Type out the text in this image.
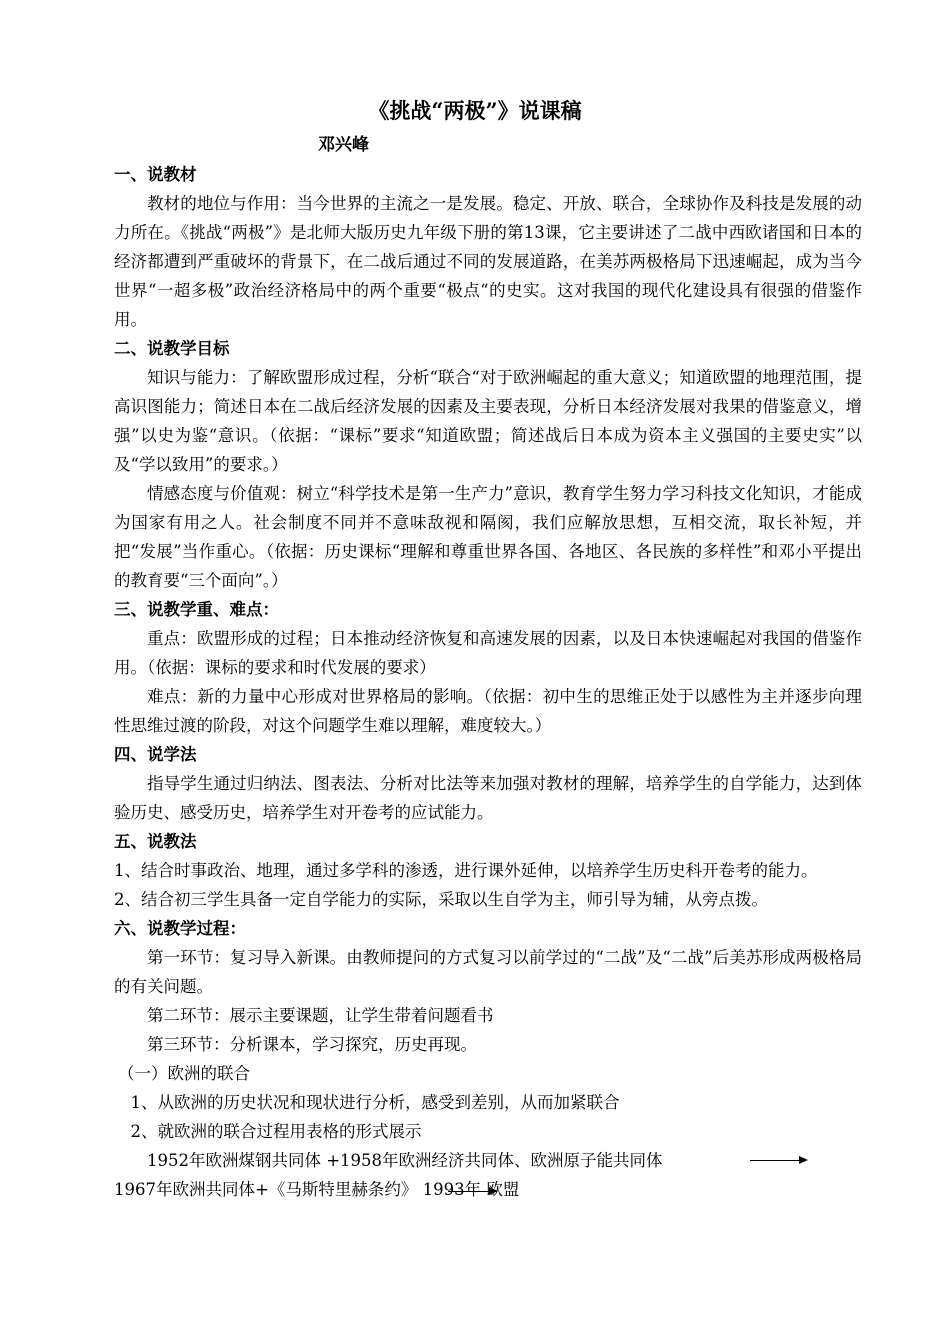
《挑战“两极”》说课稿
邓兴峰

一、说教材

教材的地位与作用：当今世界的主流之一是发展。稳定、开放、联合，全球协作及科技是发展的动力所在。《挑战“两极”》是北师大版历史九年级下册的第13课，它主要讲述了二战中西欧诸国和日本的经济都遭到严重破坏的背景下，在二战后通过不同的发展道路，在美苏两极格局下迅速崛起，成为当今世界“一超多极”政治经济格局中的两个重要“极点“的史实。这对我国的现代化建设具有很强的借鉴作用。

二、说教学目标

知识与能力：了解欧盟形成过程，分析“联合“对于欧洲崛起的重大意义；知道欧盟的地理范围，提高识图能力；简述日本在二战后经济发展的因素及主要表现，分析日本经济发展对我果的借鉴意义，增强”以史为鉴“意识。（依据：“课标”要求“知道欧盟；简述战后日本成为资本主义强国的主要史实”以及“学以致用”的要求。）

情感态度与价值观：树立“科学技术是第一生产力”意识，教育学生努力学习科技文化知识，才能成为国家有用之人。社会制度不同并不意味敌视和隔阂，我们应解放思想，互相交流，取长补短，并把“发展”当作重心。（依据：历史课标“理解和尊重世界各国、各地区、各民族的多样性”和邓小平提出的教育要“三个面向”。）

三、说教学重、难点：

重点：欧盟形成的过程；日本推动经济恢复和高速发展的因素，以及日本快速崛起对我国的借鉴作用。（依据：课标的要求和时代发展的要求）

难点：新的力量中心形成对世界格局的影响。（依据：初中生的思维正处于以感性为主并逐步向理性思维过渡的阶段，对这个问题学生难以理解，难度较大。）

四、说学法

指导学生通过归纳法、图表法、分析对比法等来加强对教材的理解，培养学生的自学能力，达到体验历史、感受历史，培养学生对开卷考的应试能力。

五、说教法

1、结合时事政治、地理，通过多学科的渗透，进行课外延伸，以培养学生历史科开卷考的能力。

2、结合初三学生具备一定自学能力的实际，采取以生自学为主，师引导为辅，从旁点拨。

六、说教学过程：

第一环节：复习导入新课。由教师提问的方式复习以前学过的“二战”及“二战”后美苏形成两极格局的有关问题。

第二环节：展示主要课题，让学生带着问题看书

第三环节：分析课本，学习探究，历史再现。

（一）欧洲的联合

1、从欧洲的历史状况和现状进行分析，感受到差别，从而加紧联合

2、就欧洲的联合过程用表格的形式展示

1952年欧洲煤钢共同体 +1958年欧洲经济共同体、欧洲原子能共同体
1967年欧洲共同体+《马斯特里赫条约》 1993年 欧盟
